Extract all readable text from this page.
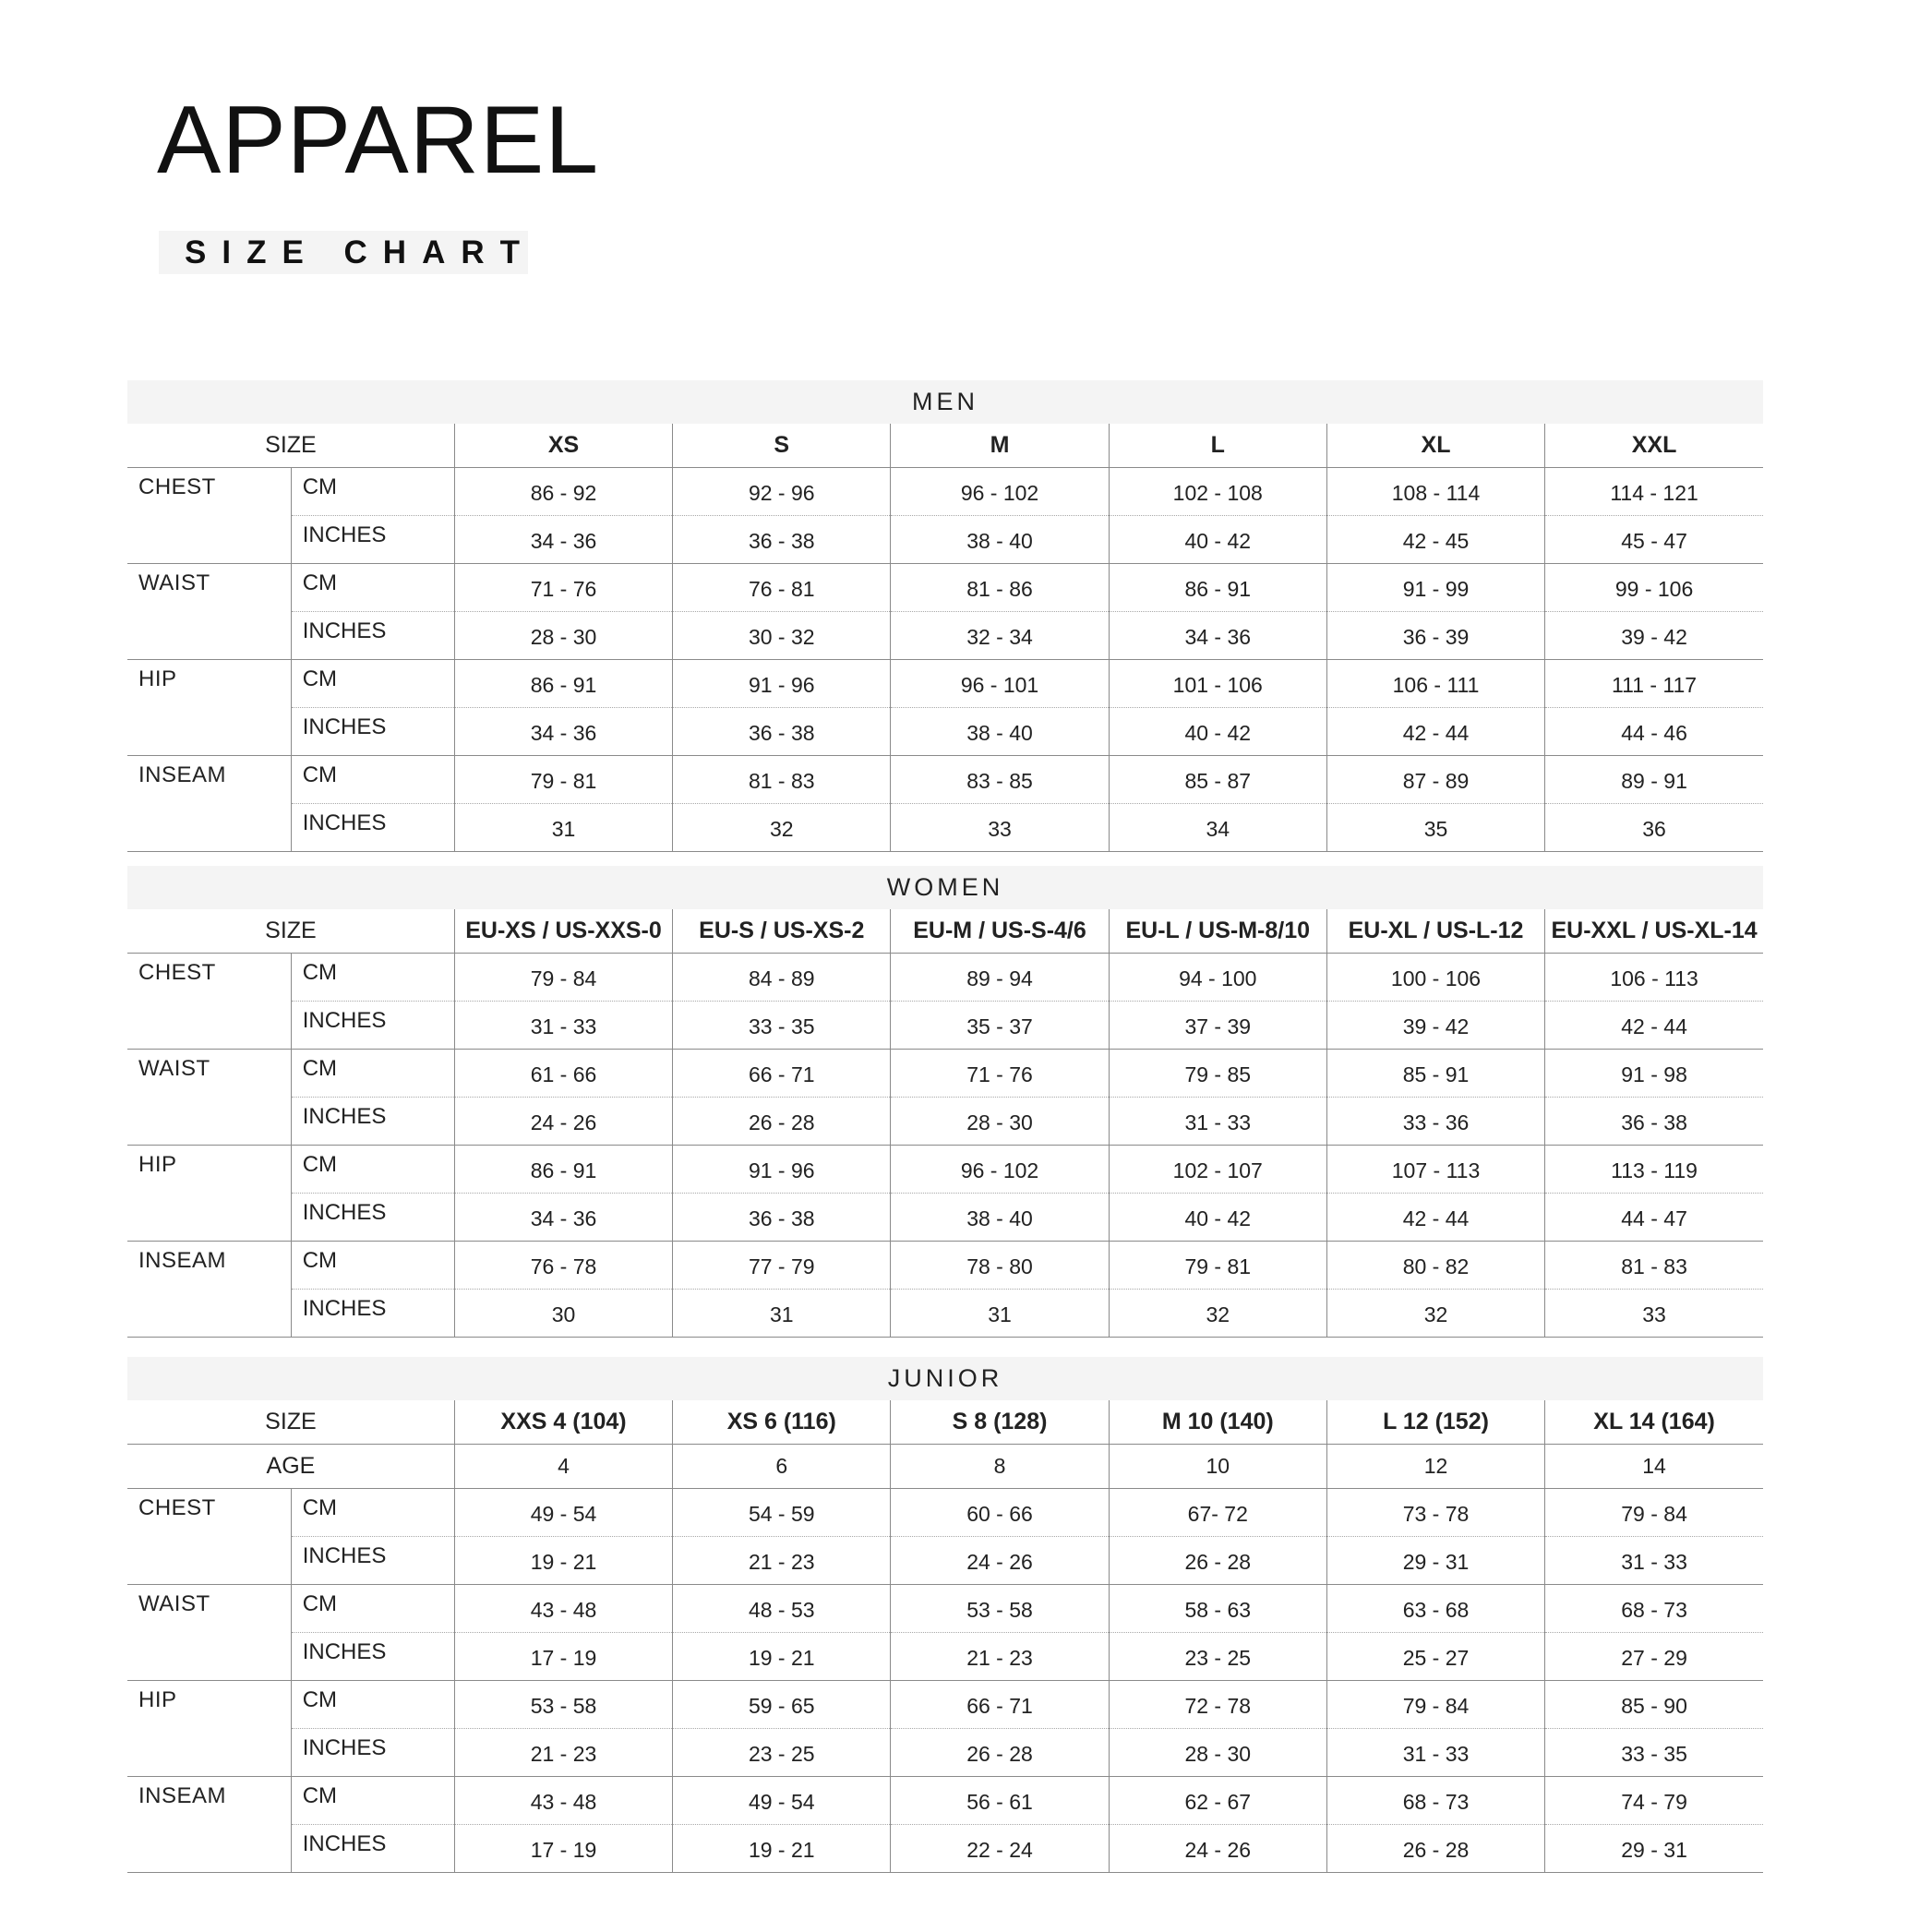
APPAREL
SIZE CHART
MEN
SIZE		XS	S	M	L	XL	XXL
CHEST	CM	86 - 92	92 - 96	96 - 102	102 - 108	108 - 114	114 - 121
	INCHES	34 - 36	36 - 38	38 - 40	40 - 42	42 - 45	45 - 47
WAIST	CM	71 - 76	76 - 81	81 - 86	86 - 91	91 - 99	99 - 106
	INCHES	28 - 30	30 - 32	32 - 34	34 - 36	36 - 39	39 - 42
HIP	CM	86 - 91	91 - 96	96 - 101	101 - 106	106 - 111	111 - 117
	INCHES	34 - 36	36 - 38	38 - 40	40 - 42	42 - 44	44 - 46
INSEAM	CM	79 - 81	81 - 83	83 - 85	85 - 87	87 - 89	89 - 91
	INCHES	31	32	33	34	35	36
WOMEN
SIZE		EU-XS / US-XXS-0	EU-S / US-XS-2	EU-M / US-S-4/6	EU-L / US-M-8/10	EU-XL / US-L-12	EU-XXL / US-XL-14
CHEST	CM	79 - 84	84 - 89	89 - 94	94 - 100	100 - 106	106 - 113
	INCHES	31 - 33	33 - 35	35 - 37	37 - 39	39 - 42	42 - 44
WAIST	CM	61 - 66	66 - 71	71 - 76	79 - 85	85 - 91	91 - 98
	INCHES	24 - 26	26 - 28	28 - 30	31 - 33	33 - 36	36 - 38
HIP	CM	86 - 91	91 - 96	96 - 102	102 - 107	107 - 113	113 - 119
	INCHES	34 - 36	36 - 38	38 - 40	40 - 42	42 - 44	44 - 47
INSEAM	CM	76 - 78	77 - 79	78 - 80	79 - 81	80 - 82	81 - 83
	INCHES	30	31	31	32	32	33
JUNIOR
SIZE		XXS 4 (104)	XS 6 (116)	S 8 (128)	M 10 (140)	L 12 (152)	XL 14 (164)
AGE		4	6	8	10	12	14
CHEST	CM	49 - 54	54 - 59	60 - 66	67- 72	73 - 78	79 - 84
	INCHES	19 - 21	21 - 23	24 - 26	26 - 28	29 - 31	31 - 33
WAIST	CM	43 - 48	48 - 53	53 - 58	58 - 63	63 - 68	68 - 73
	INCHES	17 - 19	19 - 21	21 - 23	23 - 25	25 - 27	27 - 29
HIP	CM	53 - 58	59 - 65	66 - 71	72 - 78	79 - 84	85 - 90
	INCHES	21 - 23	23 - 25	26 - 28	28 - 30	31 - 33	33 - 35
INSEAM	CM	43 - 48	49 - 54	56 - 61	62 - 67	68 - 73	74 - 79
	INCHES	17 - 19	19 - 21	22 - 24	24 - 26	26 - 28	29 - 31
